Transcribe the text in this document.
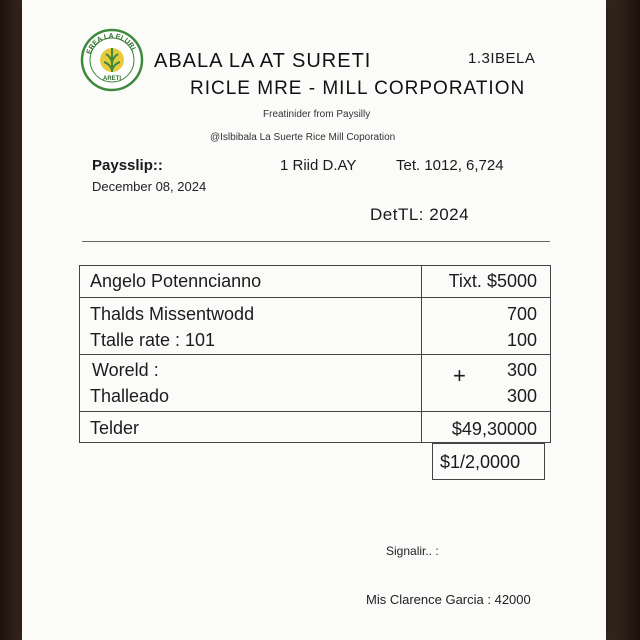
EREA LA ELURL
ARETI
ABALA LA AT SURETI	1.3IBELA
RICLE MRE - MILL CORPORATION
Freatinider from Paysilly
@Islbibala La Suerte Rice Mill Coporation
Paysslip::
December 08, 2024
1 Riid D.AY	Tet. 1012, 6,724
DetTL: 2024
Angelo Potenncianno	Tixt. $5000
Thalds Missentwodd	700
Ttalle rate : 101	100
Woreld :	+ 300
Thalleado	300
Telder	$49,30000
$1/2,0000
Signalir.. :
Mis Clarence Garcia : 42000
